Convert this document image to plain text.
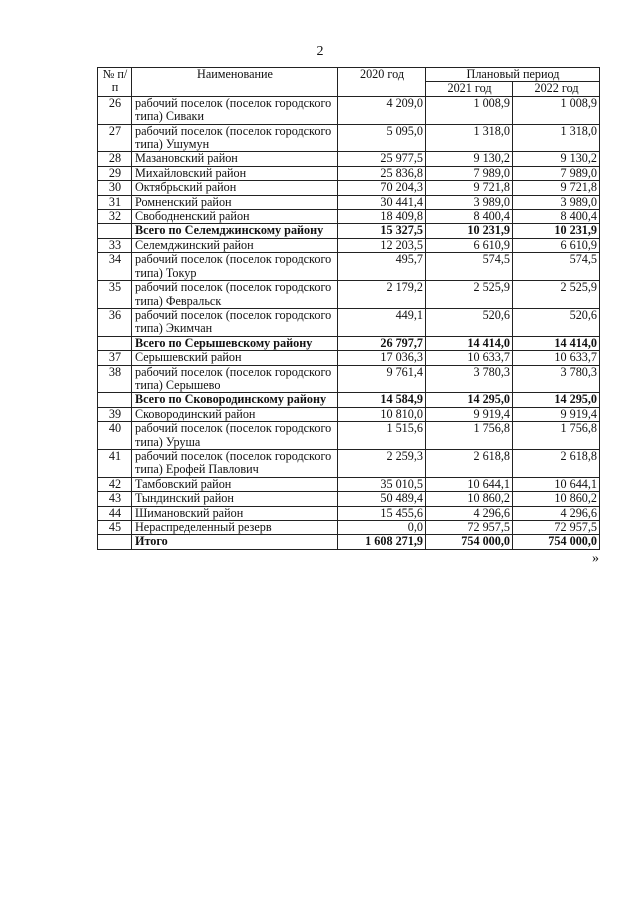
2
№ п/п	Наименование	2020 год	Плановый период	
			2021 год	2022 год
26	рабочий поселок (поселок городского типа) Сиваки	4 209,0	1 008,9	1 008,9
27	рабочий поселок (поселок городского типа) Ушумун	5 095,0	1 318,0	1 318,0
28	Мазановский район	25 977,5	9 130,2	9 130,2
29	Михайловский район	25 836,8	7 989,0	7 989,0
30	Октябрьский район	70 204,3	9 721,8	9 721,8
31	Ромненский район	30 441,4	3 989,0	3 989,0
32	Свободненский район	18 409,8	8 400,4	8 400,4
	Всего по Селемджинскому району	15 327,5	10 231,9	10 231,9
33	Селемджинский район	12 203,5	6 610,9	6 610,9
34	рабочий поселок (поселок городского типа) Токур	495,7	574,5	574,5
35	рабочий поселок (поселок городского типа) Февральск	2 179,2	2 525,9	2 525,9
36	рабочий поселок (поселок городского типа) Экимчан	449,1	520,6	520,6
	Всего по Серышевскому району	26 797,7	14 414,0	14 414,0
37	Серышевский район	17 036,3	10 633,7	10 633,7
38	рабочий поселок (поселок городского типа) Серышево	9 761,4	3 780,3	3 780,3
	Всего по Сковородинскому району	14 584,9	14 295,0	14 295,0
39	Сковородинский район	10 810,0	9 919,4	9 919,4
40	рабочий поселок (поселок городского типа) Уруша	1 515,6	1 756,8	1 756,8
41	рабочий поселок (поселок городского типа) Ерофей Павлович	2 259,3	2 618,8	2 618,8
42	Тамбовский район	35 010,5	10 644,1	10 644,1
43	Тындинский район	50 489,4	10 860,2	10 860,2
44	Шимановский район	15 455,6	4 296,6	4 296,6
45	Нераспределенный резерв	0,0	72 957,5	72 957,5
	Итого	1 608 271,9	754 000,0	754 000,0
»
